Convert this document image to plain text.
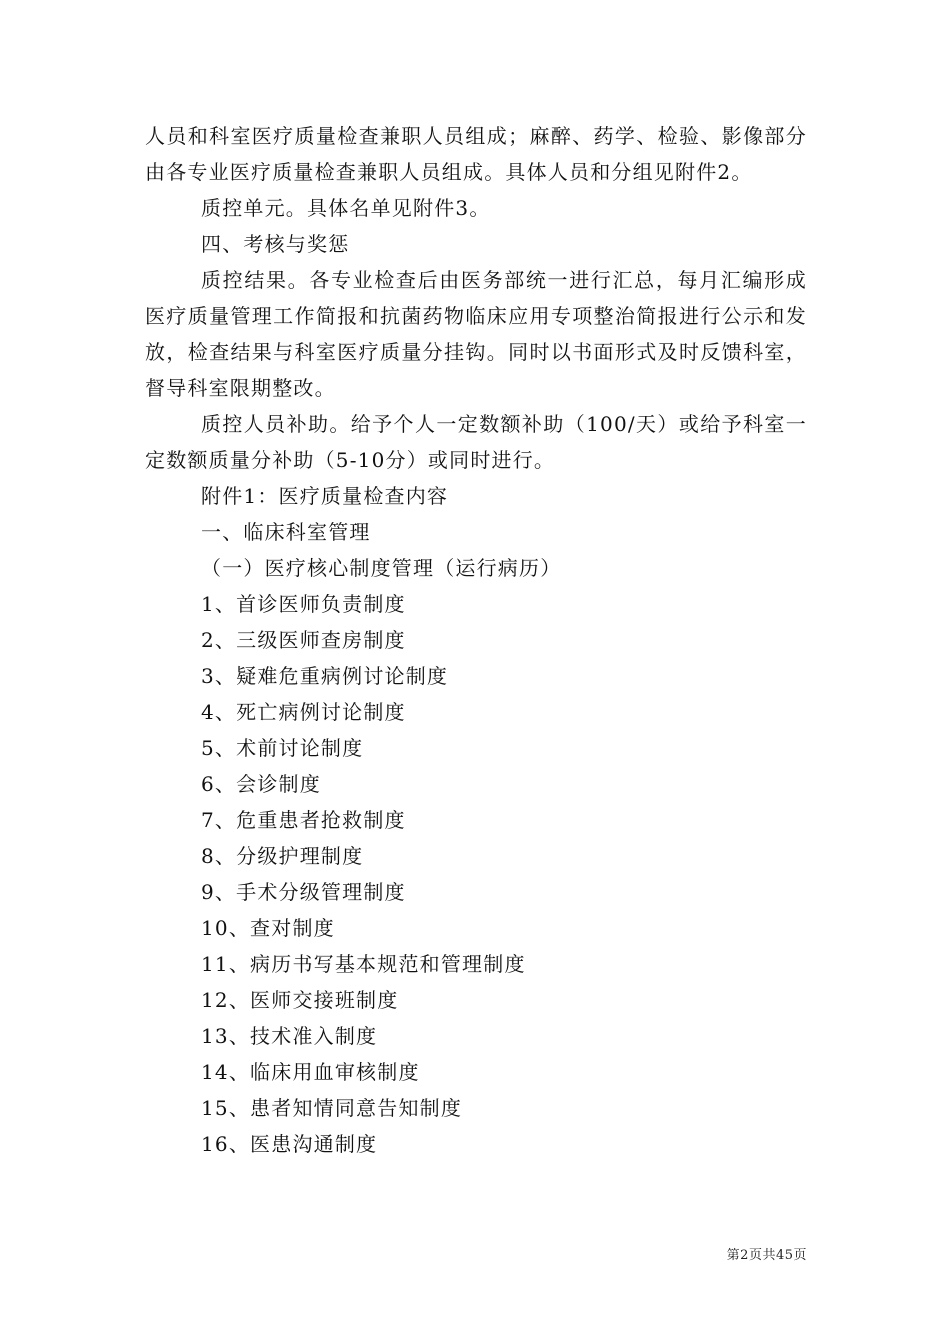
人员和科室医疗质量检查兼职人员组成；麻醉、药学、检验、影像部分由各专业医疗质量检查兼职人员组成。具体人员和分组见附件2。

质控单元。具体名单见附件3。

四、考核与奖惩

质控结果。各专业检查后由医务部统一进行汇总，每月汇编形成医疗质量管理工作简报和抗菌药物临床应用专项整治简报进行公示和发放，检查结果与科室医疗质量分挂钩。同时以书面形式及时反馈科室，督导科室限期整改。

质控人员补助。给予个人一定数额补助（100/天）或给予科室一定数额质量分补助（5-10分）或同时进行。

附件1：医疗质量检查内容

一、临床科室管理

（一）医疗核心制度管理（运行病历）

1、首诊医师负责制度

2、三级医师查房制度

3、疑难危重病例讨论制度

4、死亡病例讨论制度

5、术前讨论制度

6、会诊制度

7、危重患者抢救制度

8、分级护理制度

9、手术分级管理制度

10、查对制度

11、病历书写基本规范和管理制度

12、医师交接班制度

13、技术准入制度

14、临床用血审核制度

15、患者知情同意告知制度

16、医患沟通制度

第2页共45页
